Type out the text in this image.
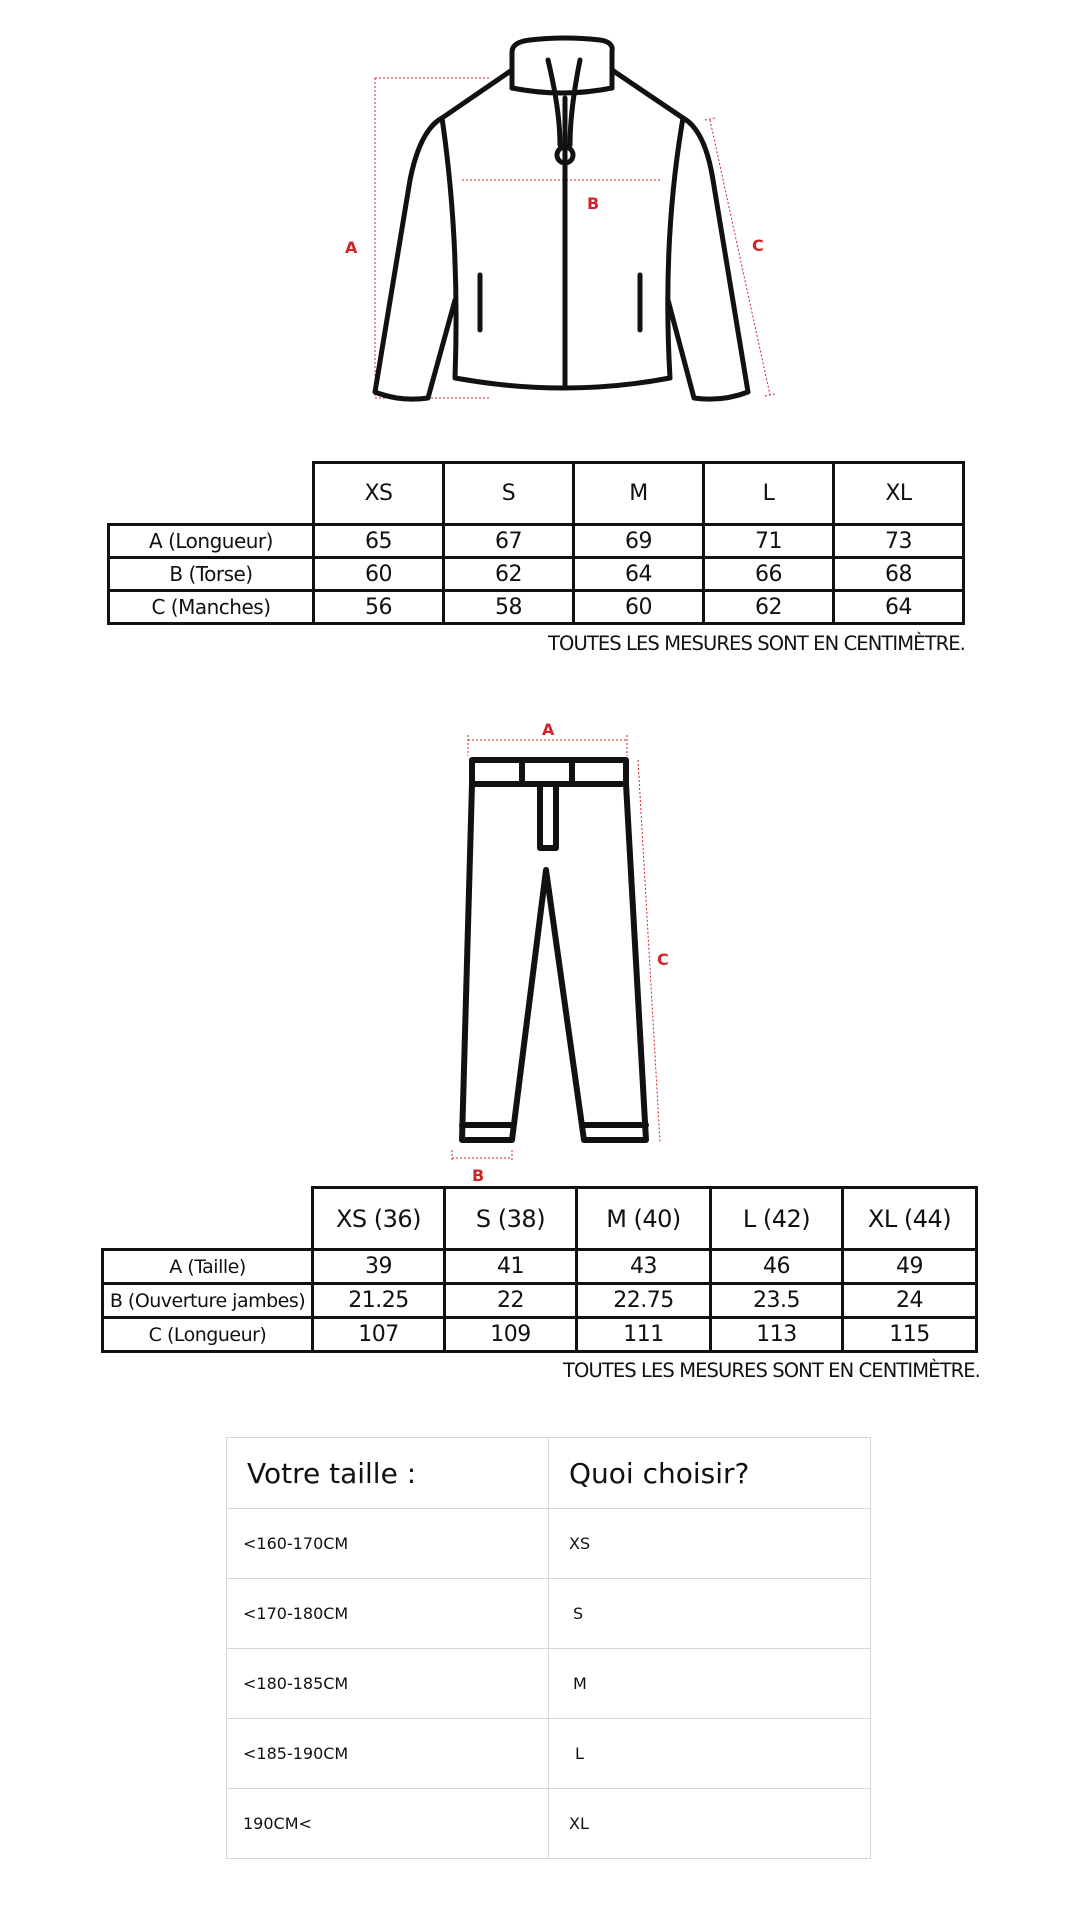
A
B
C
	XS	S	M	L	XL
A (Longueur)	65	67	69	71	73
B (Torse)	60	62	64	66	68
C (Manches)	56	58	60	62	64
TOUTES LES MESURES SONT EN CENTIMÈTRE.
A
C
B
	XS (36)	S (38)	M (40)	L (42)	XL (44)
A (Taille)	39	41	43	46	49
B (Ouverture jambes)	21.25	22	22.75	23.5	24
C (Longueur)	107	109	111	113	115
TOUTES LES MESURES SONT EN CENTIMÈTRE.
Votre taille :	Quoi choisir?
<160-170CM	XS
<170-180CM	S
<180-185CM	M
<185-190CM	L
190CM<	XL
